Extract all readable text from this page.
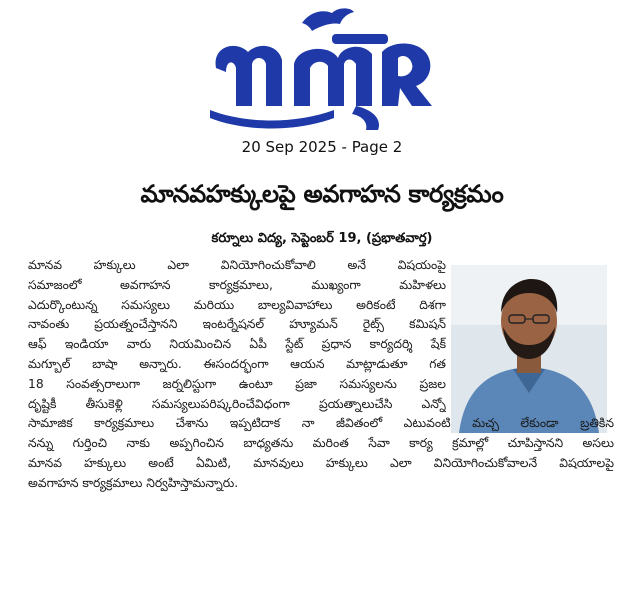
20 Sep 2025 - Page 2
మానవహక్కులపై అవగాహన కార్యక్రమం
కర్నూలు విద్య, సెప్టెంబర్ 19, (ప్రభాతవార్త)
మానవ హక్కులు ఎలా వినియోగించుకోవాలి అనే విషయంపై
సమాజంలో అవగాహన కార్యక్రమాలు, ముఖ్యంగా మహిళలు
ఎదుర్కొంటున్న సమస్యలు మరియు బాల్యవివాహాలు అరికంటే దిశగా
నావంతు ప్రయత్నంచేస్తానని ఇంటర్నేషనల్ హ్యూమన్ రైట్స్ కమిషన్
ఆఫ్ ఇండియా వారు నియమించిన ఏపీ స్టేట్ ప్రధాన కార్యదర్శి షేక్
మగ్బూల్ బాషా అన్నారు. ఈసందర్భంగా ఆయన మాట్లాడుతూ గత
18 సంవత్సరాలుగా జర్నలిస్టుగా ఉంటూ ప్రజా సమస్యలను ప్రజల
దృష్టికీ తీసుకెళ్లి సమస్యలుపరిష్కరించేవిధంగా ప్రయత్నాలుచేసి ఎన్నో
సామాజిక కార్యక్రమాలు చేశాను ఇప్పటిదాక నా జీవితంలో ఎటువంటి మచ్చ లేకుండా బ్రతికిన
నన్ను గుర్తించి నాకు అప్పగించిన బాధ్యతను మరింత సేవా కార్య క్రమాల్లో చూపిస్తానని అసలు
మానవ హక్కులు అంటే ఏమిటి, మానవులు హక్కులు ఎలా వినియోగించుకోవాలనే విషయాలపై
అవగాహన కార్యక్రమాలు నిర్వహిస్తామన్నారు.
